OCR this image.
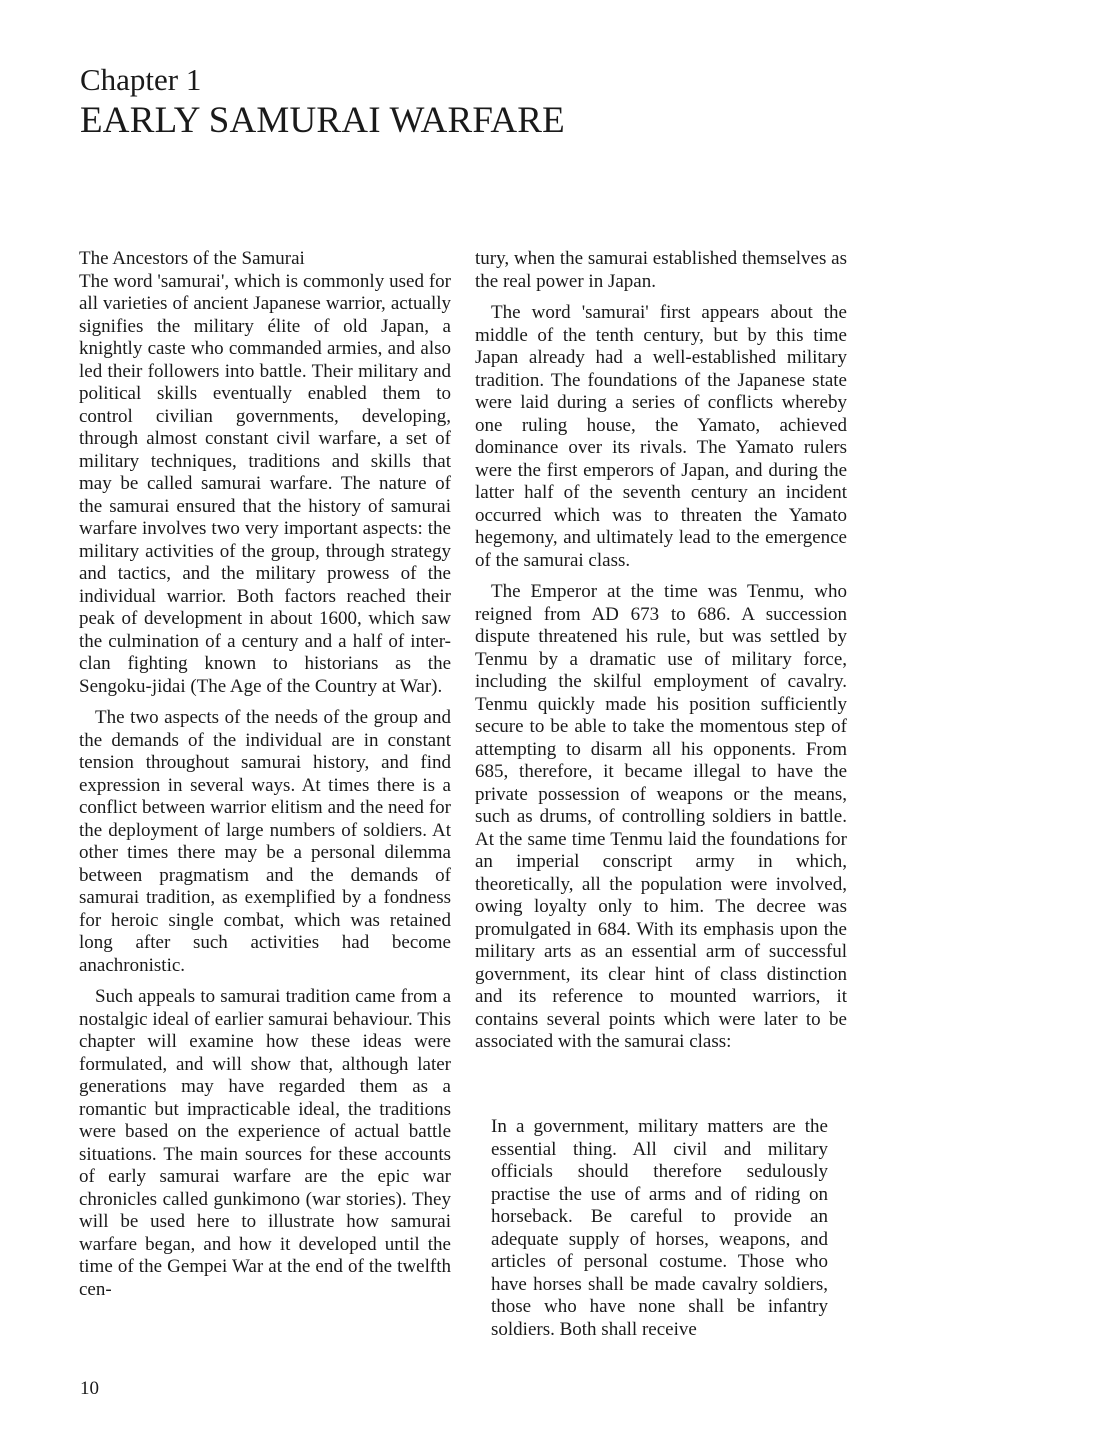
Chapter 1
EARLY SAMURAI WARFARE
The Ancestors of the Samurai

The word 'samurai', which is commonly used for all varieties of ancient Japanese warrior, actually signifies the military élite of old Japan, a knightly caste who commanded armies, and also led their followers into battle. Their military and political skills eventually enabled them to control civilian governments, developing, through almost constant civil warfare, a set of military techniques, traditions and skills that may be called samurai warfare. The nature of the samurai ensured that the history of samurai warfare involves two very important aspects: the military activities of the group, through strategy and tactics, and the military prowess of the individual warrior. Both factors reached their peak of development in about 1600, which saw the culmination of a century and a half of inter-clan fighting known to historians as the Sengoku-jidai (The Age of the Country at War).

The two aspects of the needs of the group and the demands of the individual are in constant tension throughout samurai history, and find expression in several ways. At times there is a conflict between warrior elitism and the need for the deployment of large numbers of soldiers. At other times there may be a personal dilemma between pragmatism and the demands of samurai tradition, as exemplified by a fondness for heroic single combat, which was retained long after such activities had become anachronistic.

Such appeals to samurai tradition came from a nostalgic ideal of earlier samurai behaviour. This chapter will examine how these ideas were formulated, and will show that, although later generations may have regarded them as a romantic but impracticable ideal, the traditions were based on the experience of actual battle situations. The main sources for these accounts of early samurai warfare are the epic war chronicles called gunkimono (war stories). They will be used here to illustrate how samurai warfare began, and how it developed until the time of the Gempei War at the end of the twelfth cen-

tury, when the samurai established themselves as the real power in Japan.

The word 'samurai' first appears about the middle of the tenth century, but by this time Japan already had a well-established military tradition. The foundations of the Japanese state were laid during a series of conflicts whereby one ruling house, the Yamato, achieved dominance over its rivals. The Yamato rulers were the first emperors of Japan, and during the latter half of the seventh century an incident occurred which was to threaten the Yamato hegemony, and ultimately lead to the emergence of the samurai class.

The Emperor at the time was Tenmu, who reigned from AD 673 to 686. A succession dispute threatened his rule, but was settled by Tenmu by a dramatic use of military force, including the skilful employment of cavalry. Tenmu quickly made his position sufficiently secure to be able to take the momentous step of attempting to disarm all his opponents. From 685, therefore, it became illegal to have the private possession of weapons or the means, such as drums, of controlling soldiers in battle. At the same time Tenmu laid the foundations for an imperial conscript army in which, theoretically, all the population were involved, owing loyalty only to him. The decree was promulgated in 684. With its emphasis upon the military arts as an essential arm of successful government, its clear hint of class distinction and its reference to mounted warriors, it contains several points which were later to be associated with the samurai class:

In a government, military matters are the essential thing. All civil and military officials should therefore sedulously practise the use of arms and of riding on horseback. Be careful to provide an adequate supply of horses, weapons, and articles of personal costume. Those who have horses shall be made cavalry soldiers, those who have none shall be infantry soldiers. Both shall receive
10
